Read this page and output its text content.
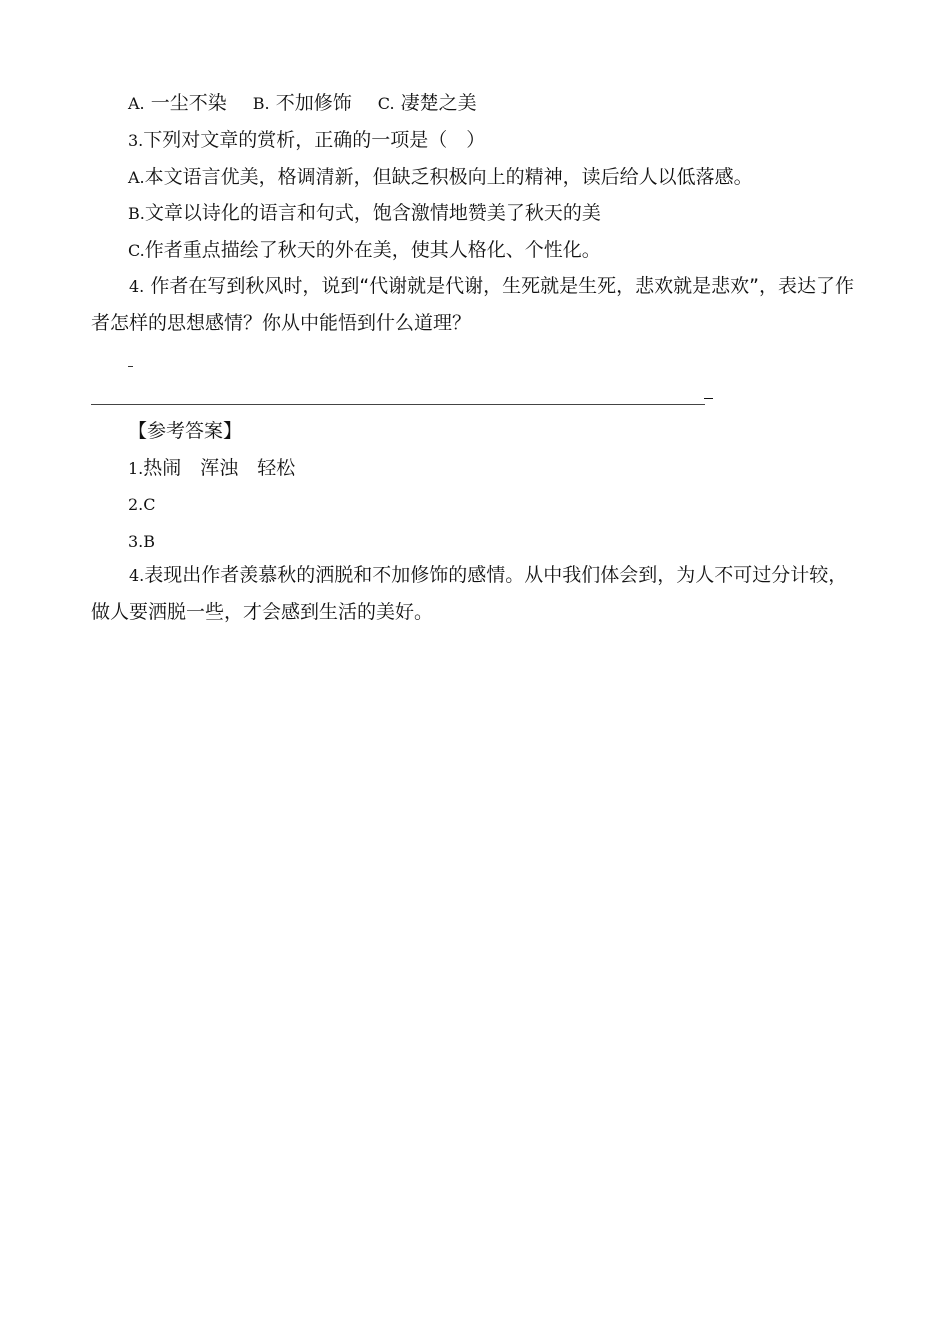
A. 一尘不染 B. 不加修饰 C. 凄楚之美
3.下列对文章的赏析，正确的一项是（　）
A.本文语言优美，格调清新，但缺乏积极向上的精神，读后给人以低落感。
B.文章以诗化的语言和句式，饱含激情地赞美了秋天的美
C.作者重点描绘了秋天的外在美，使其人格化、个性化。
4. 作者在写到秋风时，说到“代谢就是代谢，生死就是生死，悲欢就是悲欢”，表达了作者怎样的思想感情？你从中能悟到什么道理？
【参考答案】
1.热闹　浑浊　轻松
2.C
3.B
4.表现出作者羡慕秋的洒脱和不加修饰的感情。从中我们体会到，为人不可过分计较，做人要洒脱一些，才会感到生活的美好。
